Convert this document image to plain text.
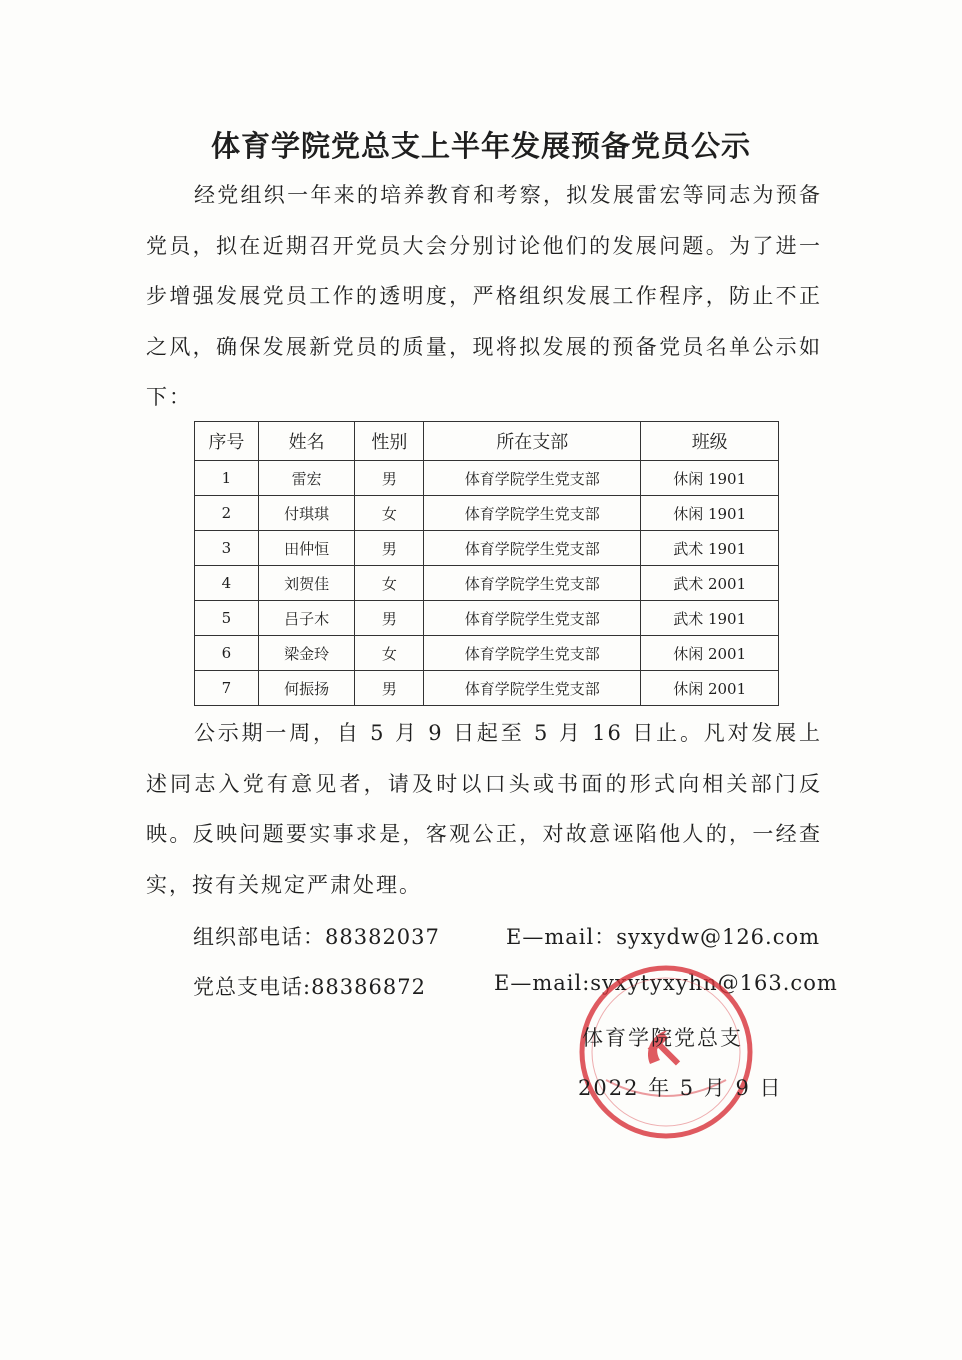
体育学院党总支上半年发展预备党员公示

经党组织一年来的培养教育和考察，拟发展雷宏等同志为预备党员，拟在近期召开党员大会分别讨论他们的发展问题。为了进一步增强发展党员工作的透明度，严格组织发展工作程序，防止不正之风，确保发展新党员的质量，现将拟发展的预备党员名单公示如下：

序号	姓名	性别	所在支部	班级
1	雷宏	男	体育学院学生党支部	休闲 1901
2	付琪琪	女	体育学院学生党支部	休闲 1901
3	田仲恒	男	体育学院学生党支部	武术 1901
4	刘贺佳	女	体育学院学生党支部	武术 2001
5	吕子木	男	体育学院学生党支部	武术 1901
6	梁金玲	女	体育学院学生党支部	休闲 2001
7	何振扬	男	体育学院学生党支部	休闲 2001

公示期一周，自 5 月 9 日起至 5 月 16 日止。凡对发展上述同志入党有意见者，请及时以口头或书面的形式向相关部门反映。反映问题要实事求是，客观公正，对故意诬陷他人的，一经查实，按有关规定严肃处理。

组织部电话：88382037	E—mail：syxydw@126.com
党总支电话:88386872	E—mail:syxytyxyhn@163.com
体育学院党总支
2022 年 5 月 9 日
